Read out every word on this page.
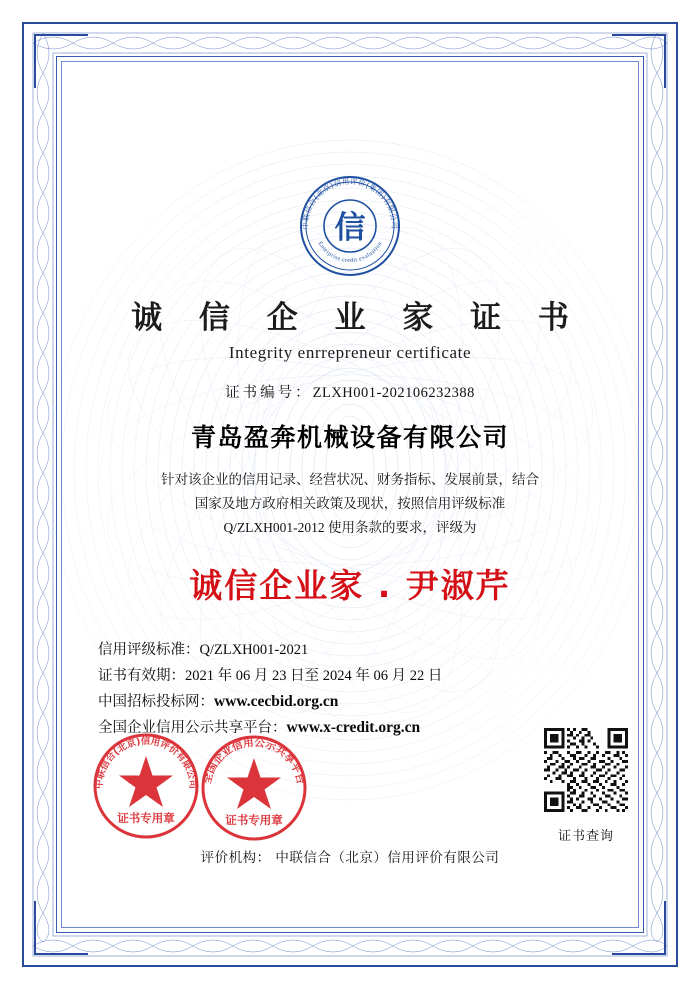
中联信合(北京)信用评价(集团)有限公司
Enterprise credit evaluation
信
诚 信 企 业 家 证 书
Integrity enrrepreneur certificate
证书编号：ZLXH001-202106232388
青岛盈奔机械设备有限公司
针对该企业的信用记录、经营状况、财务指标、发展前景，结合
国家及地方政府相关政策及现状，按照信用评级标准
Q/ZLXH001-2012 使用条款的要求，评级为
诚信企业家 . 尹淑芹
信用评级标准：Q/ZLXH001-2021
证书有效期：2021 年 06 月 23 日至 2024 年 06 月 22 日
中国招标投标网：www.cecbid.org.cn
全国企业信用公示共享平台：www.x-credit.org.cn
中联信合(北京)信用评价有限公司
证书专用章
全国企业信用公示共享平台
证书专用章
证书查询
评价机构： 中联信合（北京）信用评价有限公司
